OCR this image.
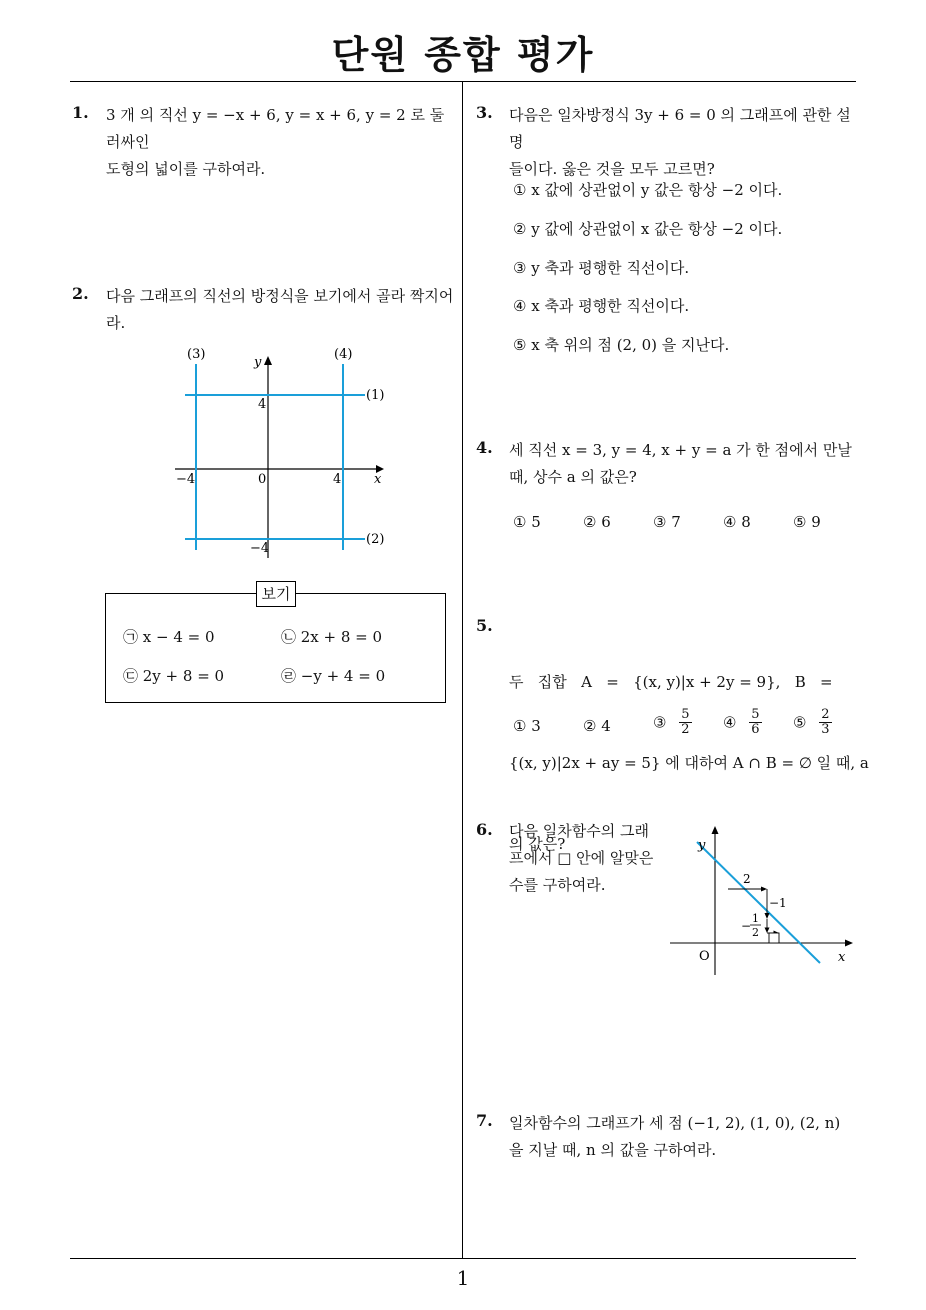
단원 종합 평가
1
1. 3 개 의 직선 y = −x + 6, y = x + 6, y = 2 로 둘러싸인
도형의 넓이를 구하여라.
2. 다음 그래프의 직선의 방정식을 보기에서 골라 짝지어
라.
(1)
(2)
(3)	(4)
x
y
4
−4	0	4
−4
보기
㉠ x − 4 = 0	㉡ 2x + 8 = 0
㉢ 2y + 8 = 0	㉣ −y + 4 = 0
3. 다음은 일차방정식 3y + 6 = 0 의 그래프에 관한 설명
들이다. 옳은 것을 모두 고르면?
① x 값에 상관없이 y 값은 항상 −2 이다.
② y 값에 상관없이 x 값은 항상 −2 이다.
③ y 축과 평행한 직선이다.
④ x 축과 평행한 직선이다.
⑤ x 축 위의 점 (2, 0) 을 지난다.
4. 세 직선 x = 3, y = 4, x + y = a 가 한 점에서 만날
때, 상수 a 의 값은?
① 5	② 6	③ 7	④ 8	⑤ 9
5.

두   집합   A   =   {(x, y)|x + 2y = 9},   B   =

{(x, y)|2x + ay = 5} 에 대하여 A ∩ B = ∅ 일 때, a

의 값은?

① 3	② 4	③ $\frac{5}{2}$ ④ $\frac{5}{6}$ ⑤ $\frac{2}{3}$
6. 다음 일차함수의 그래
프에서 □ 안에 알맞은
수를 구하여라.	2
−1
−
1
2
O	x
y
7. 일차함수의 그래프가 세 점 (−1, 2), (1, 0), (2, n)
을 지날 때, n 의 값을 구하여라.
